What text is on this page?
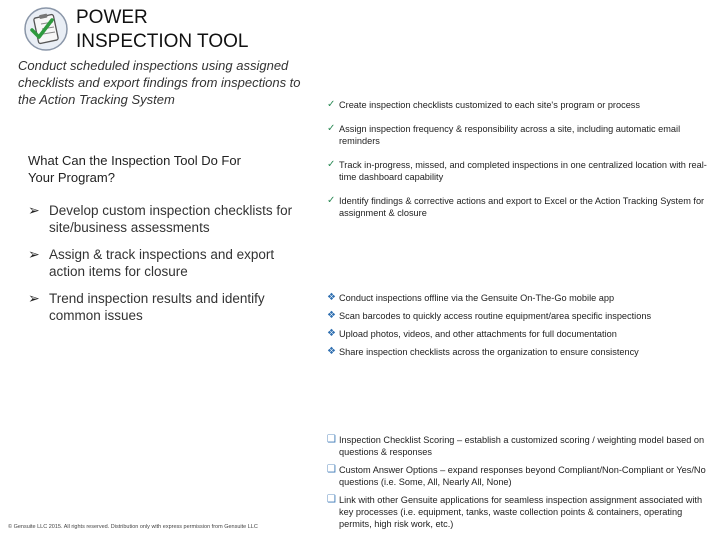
POWER
INSPECTION TOOL
Conduct scheduled inspections using assigned checklists and export findings from inspections to the Action Tracking System
What Can the Inspection Tool Do For Your Program?
➢ Develop custom inspection checklists for site/business assessments
➢ Assign & track inspections and export action items for closure
➢ Trend inspection results and identify common issues
✓ Create inspection checklists customized to each site's program or process
✓ Assign inspection frequency & responsibility across a site, including automatic email reminders
✓ Track in-progress, missed, and completed inspections in one centralized location with real-time dashboard capability
✓ Identify findings & corrective actions and export to Excel or the Action Tracking System for assignment & closure
❖ Conduct inspections offline via the Gensuite On-The-Go mobile app
❖ Scan barcodes to quickly access routine equipment/area specific inspections
❖ Upload photos, videos, and other attachments for full documentation
❖ Share inspection checklists across the organization to ensure consistency
❑ Inspection Checklist Scoring – establish a customized scoring / weighting model based on questions & responses
❑ Custom Answer Options – expand responses beyond Compliant/Non-Compliant or Yes/No questions (i.e. Some, All, Nearly All, None)
❑ Link with other Gensuite applications for seamless inspection assignment associated with key processes (i.e. equipment, tanks, waste collection points & containers, operating permits, high risk work, etc.)
© Gensuite LLC 2015. All rights reserved. Distribution only with express permission from Gensuite LLC
